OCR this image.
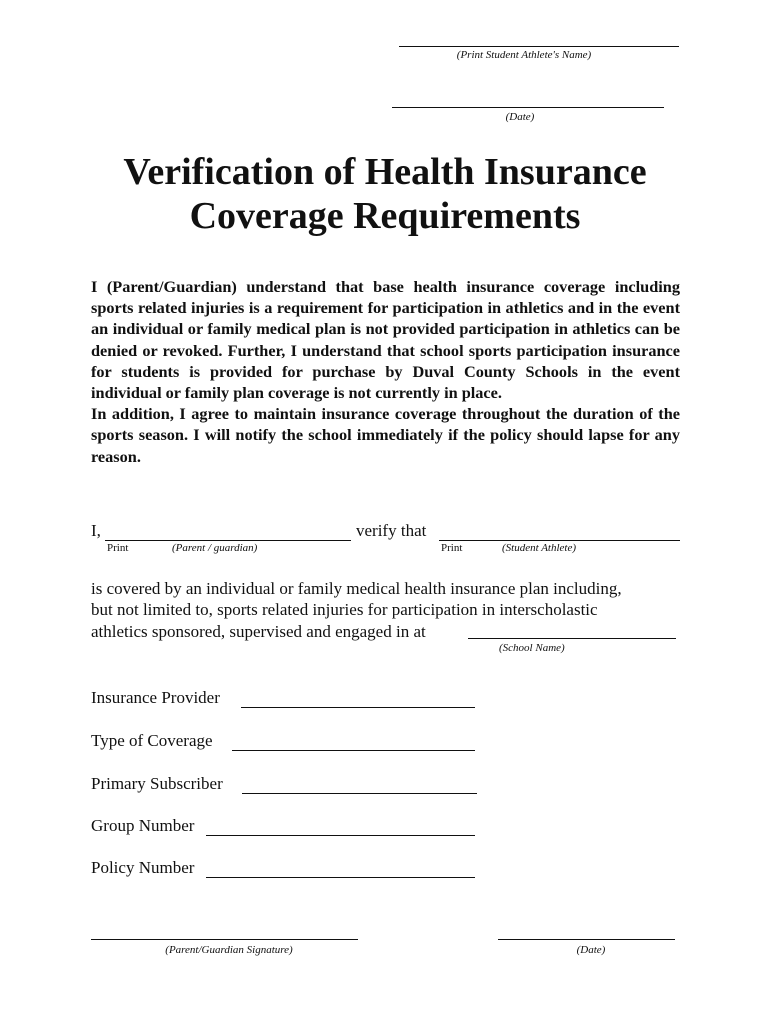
(Print Student Athlete's Name)
(Date)
Verification of Health Insurance
Coverage Requirements

I (Parent/Guardian) understand that base health insurance coverage including sports related injuries is a requirement for participation in athletics and in the event an individual or family medical plan is not provided participation in athletics can be denied or revoked. Further, I understand that school sports participation insurance for students is provided for purchase by Duval County Schools in the event individual or family plan coverage is not currently in place.

In addition, I agree to maintain insurance coverage throughout the duration of the sports season. I will notify the school immediately if the policy should lapse for any reason.

I,	verify that
Print	(Parent / guardian)	Print	(Student Athlete)
is covered by an individual or family medical health insurance plan including,
but not limited to, sports related injuries for participation in interscholastic
athletics sponsored, supervised and engaged in at
(School Name)
Insurance Provider
Type of Coverage
Primary Subscriber
Group Number
Policy Number
(Parent/Guardian Signature)	(Date)
